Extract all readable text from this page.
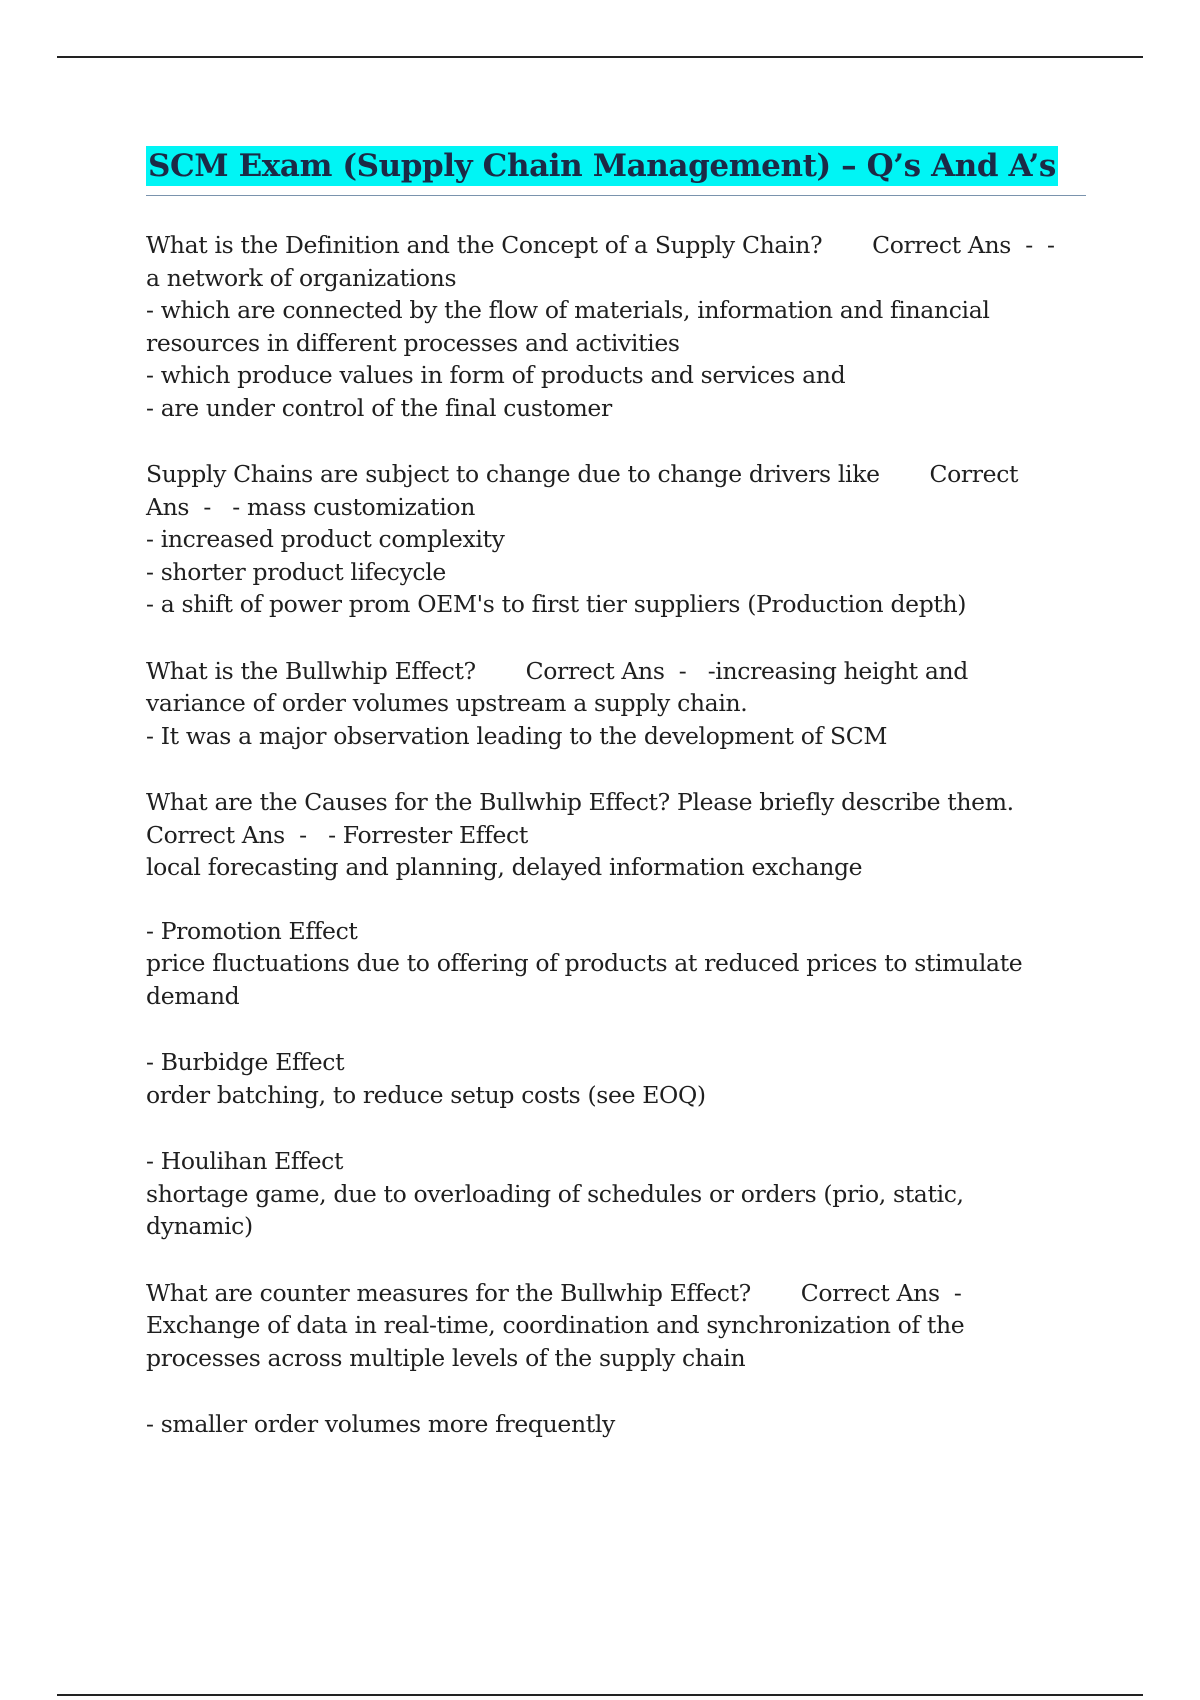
SCM Exam (Supply Chain Management) – Q’s And A’s
What is the Definition and the Concept of a Supply Chain?       Correct Ans  -  -
a network of organizations
- which are connected by the flow of materials, information and financial
resources in different processes and activities
- which produce values in form of products and services and
- are under control of the final customer
Supply Chains are subject to change due to change drivers like       Correct
Ans  -   - mass customization
- increased product complexity
- shorter product lifecycle
- a shift of power prom OEM's to first tier suppliers (Production depth)
What is the Bullwhip Effect?       Correct Ans  -   -increasing height and
variance of order volumes upstream a supply chain.
- It was a major observation leading to the development of SCM
What are the Causes for the Bullwhip Effect? Please briefly describe them.
Correct Ans  -   - Forrester Effect
local forecasting and planning, delayed information exchange
- Promotion Effect
price fluctuations due to offering of products at reduced prices to stimulate
demand
- Burbidge Effect
order batching, to reduce setup costs (see EOQ)
- Houlihan Effect
shortage game, due to overloading of schedules or orders (prio, static,
dynamic)
What are counter measures for the Bullwhip Effect?       Correct Ans  -
Exchange of data in real-time, coordination and synchronization of the
processes across multiple levels of the supply chain
- smaller order volumes more frequently
